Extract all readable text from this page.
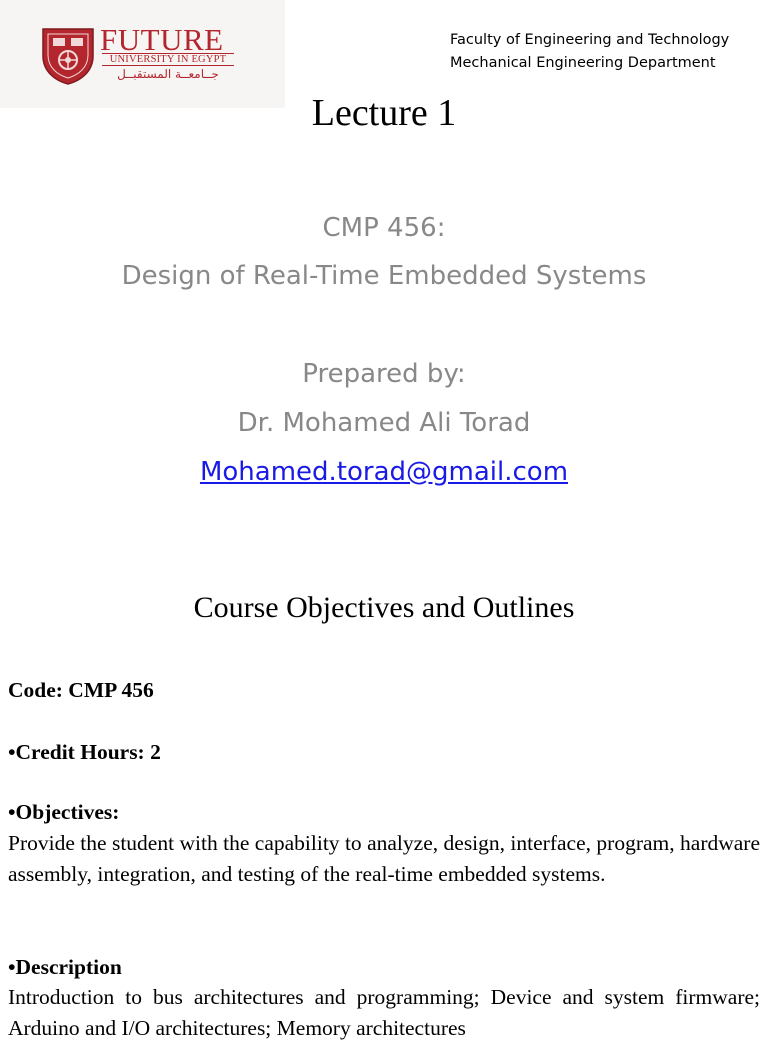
FUTURE
UNIVERSITY IN EGYPT
جــامعــة المستقبــل
Faculty of Engineering and Technology
Mechanical Engineering Department
Lecture 1
CMP 456:
Design of Real-Time Embedded Systems
Prepared by:
Dr. Mohamed Ali Torad
Mohamed.torad@gmail.com
Course Objectives and Outlines
Code: CMP 456
•Credit Hours: 2
•Objectives:
Provide the student with the capability to analyze, design, interface, program, hardware assembly, integration, and testing of the real-time embedded systems.
•Description
Introduction to bus architectures and programming; Device and system firmware; Arduino and I/O architectures; Memory architectures
